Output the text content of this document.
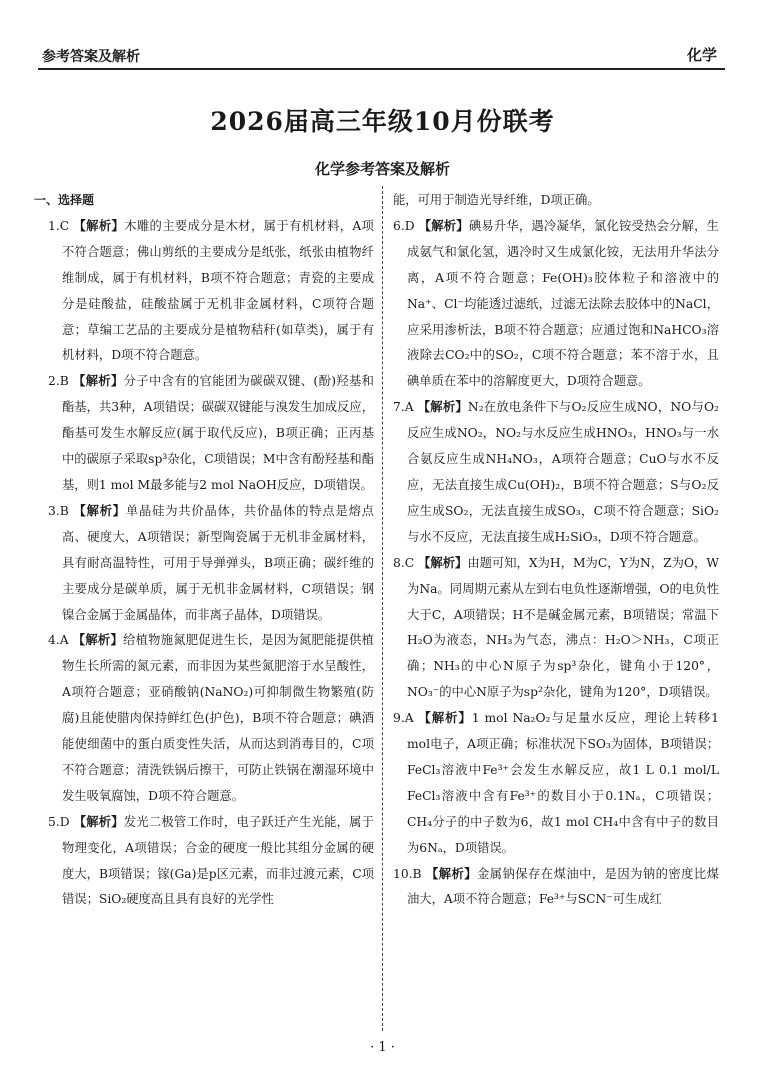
参考答案及解析	化学
2026届高三年级10月份联考
化学参考答案及解析
一、选择题
1.C 【解析】木雕的主要成分是木材，属于有机材料，A项不符合题意；佛山剪纸的主要成分是纸张，纸张由植物纤维制成，属于有机材料，B项不符合题意；青瓷的主要成分是硅酸盐，硅酸盐属于无机非金属材料，C项符合题意；草编工艺品的主要成分是植物秸秆(如草类)，属于有机材料，D项不符合题意。
2.B 【解析】分子中含有的官能团为碳碳双键、(酚)羟基和酯基，共3种，A项错误；碳碳双键能与溴发生加成反应，酯基可发生水解反应(属于取代反应)，B项正确；正丙基中的碳原子采取sp³杂化，C项错误；M中含有酚羟基和酯基，则1 mol M最多能与2 mol NaOH反应，D项错误。
3.B 【解析】单晶硅为共价晶体，共价晶体的特点是熔点高、硬度大，A项错误；新型陶瓷属于无机非金属材料，具有耐高温特性，可用于导弹弹头，B项正确；碳纤维的主要成分是碳单质，属于无机非金属材料，C项错误；钢镍合金属于金属晶体，而非离子晶体，D项错误。
4.A 【解析】给植物施氮肥促进生长，是因为氮肥能提供植物生长所需的氮元素，而非因为某些氮肥溶于水呈酸性，A项符合题意；亚硝酸钠(NaNO₂)可抑制微生物繁殖(防腐)且能使腊肉保持鲜红色(护色)，B项不符合题意；碘酒能使细菌中的蛋白质变性失活，从而达到消毒目的，C项不符合题意；清洗铁锅后擦干，可防止铁锅在潮湿环境中发生吸氧腐蚀，D项不符合题意。
5.D 【解析】发光二极管工作时，电子跃迁产生光能，属于物理变化，A项错误；合金的硬度一般比其组分金属的硬度大，B项错误；镓(Ga)是p区元素，而非过渡元素，C项错误；SiO₂硬度高且具有良好的光学性
能，可用于制造光导纤维，D项正确。
6.D 【解析】碘易升华，遇冷凝华，氯化铵受热会分解，生成氨气和氯化氢，遇冷时又生成氯化铵，无法用升华法分离，A项不符合题意；Fe(OH)₃胶体粒子和溶液中的Na⁺、Cl⁻均能透过滤纸，过滤无法除去胶体中的NaCl，应采用渗析法，B项不符合题意；应通过饱和NaHCO₃溶液除去CO₂中的SO₂，C项不符合题意；苯不溶于水，且碘单质在苯中的溶解度更大，D项符合题意。
7.A 【解析】N₂在放电条件下与O₂反应生成NO，NO与O₂反应生成NO₂，NO₂与水反应生成HNO₃，HNO₃与一水合氨反应生成NH₄NO₃，A项符合题意；CuO与水不反应，无法直接生成Cu(OH)₂，B项不符合题意；S与O₂反应生成SO₂，无法直接生成SO₃，C项不符合题意；SiO₂与水不反应，无法直接生成H₂SiO₃，D项不符合题意。
8.C 【解析】由题可知，X为H，M为C，Y为N，Z为O，W为Na。同周期元素从左到右电负性逐渐增强，O的电负性大于C，A项错误；H不是碱金属元素，B项错误；常温下H₂O为液态，NH₃为气态，沸点：H₂O＞NH₃，C项正确；NH₃的中心N原子为sp³杂化，键角小于120°，NO₃⁻的中心N原子为sp²杂化，键角为120°，D项错误。
9.A 【解析】1 mol Na₂O₂与足量水反应，理论上转移1 mol电子，A项正确；标准状况下SO₃为固体，B项错误；FeCl₃溶液中Fe³⁺会发生水解反应，故1 L 0.1 mol/L FeCl₃溶液中含有Fe³⁺的数目小于0.1Nₐ，C项错误；CH₄分子的中子数为6，故1 mol CH₄中含有中子的数目为6Nₐ，D项错误。
10.B 【解析】金属钠保存在煤油中，是因为钠的密度比煤油大，A项不符合题意；Fe³⁺与SCN⁻可生成红
· 1 ·
